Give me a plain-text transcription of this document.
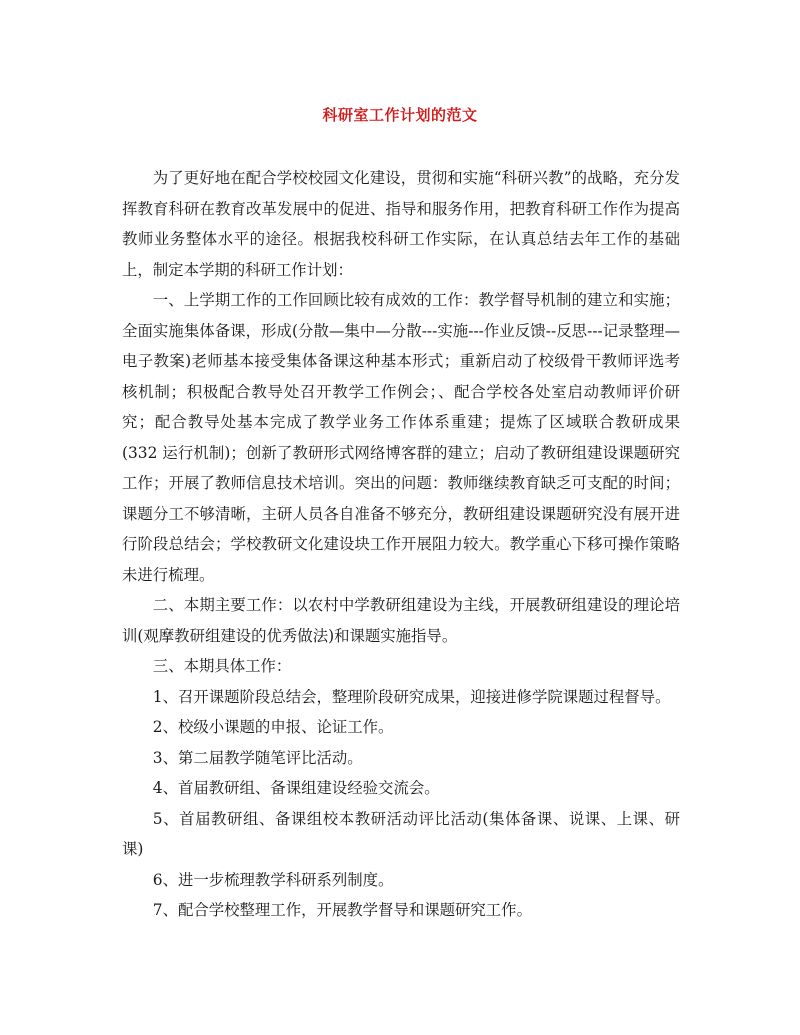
科研室工作计划的范文

为了更好地在配合学校校园文化建设，贯彻和实施“科研兴教”的战略，充分发挥教育科研在教育改革发展中的促进、指导和服务作用，把教育科研工作作为提高教师业务整体水平的途径。根据我校科研工作实际，在认真总结去年工作的基础上，制定本学期的科研工作计划：

一、上学期工作的工作回顾比较有成效的工作：教学督导机制的建立和实施；全面实施集体备课，形成(分散—集中—分散---实施---作业反馈--反思---记录整理—电子教案)老师基本接受集体备课这种基本形式；重新启动了校级骨干教师评选考核机制；积极配合教导处召开教学工作例会；、配合学校各处室启动教师评价研究；配合教导处基本完成了教学业务工作体系重建；提炼了区域联合教研成果(332 运行机制)；创新了教研形式网络博客群的建立；启动了教研组建设课题研究工作；开展了教师信息技术培训。突出的问题：教师继续教育缺乏可支配的时间；课题分工不够清晰，主研人员各自准备不够充分，教研组建设课题研究没有展开进行阶段总结会；学校教研文化建设块工作开展阻力较大。教学重心下移可操作策略未进行梳理。

二、本期主要工作：以农村中学教研组建设为主线，开展教研组建设的理论培训(观摩教研组建设的优秀做法)和课题实施指导。

三、本期具体工作：

1、召开课题阶段总结会，整理阶段研究成果，迎接进修学院课题过程督导。

2、校级小课题的申报、论证工作。

3、第二届教学随笔评比活动。

4、首届教研组、备课组建设经验交流会。

5、首届教研组、备课组校本教研活动评比活动(集体备课、说课、上课、研课)

6、进一步梳理教学科研系列制度。

7、配合学校整理工作，开展教学督导和课题研究工作。
